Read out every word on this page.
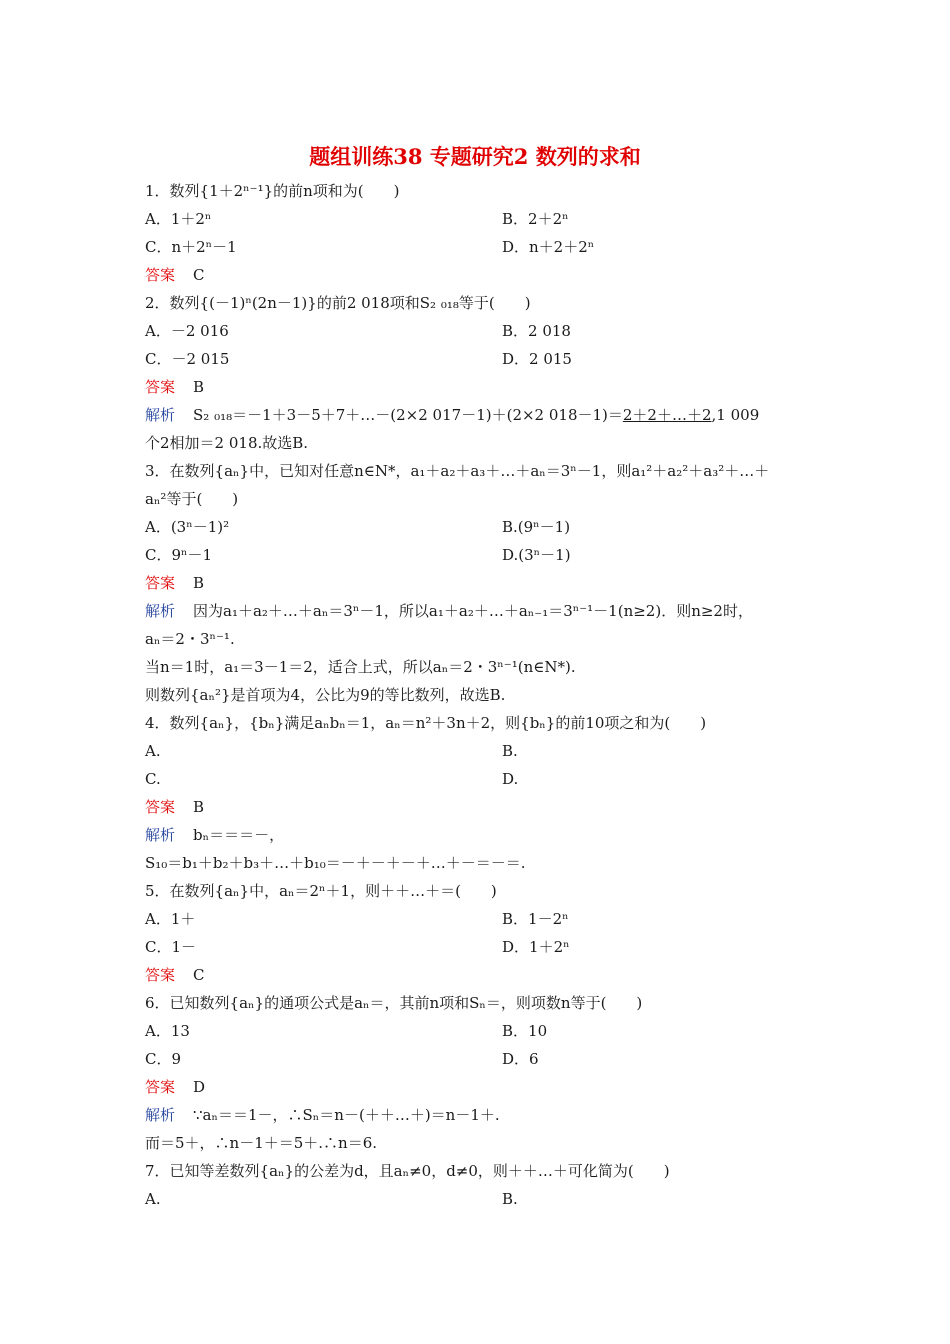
题组训练38 专题研究2 数列的求和
1．数列{1＋2ⁿ⁻¹}的前n项和为(　　)
A．1＋2ⁿ	B．2＋2ⁿ
C．n＋2ⁿ－1	D．n＋2＋2ⁿ
答案 C
2．数列{(－1)ⁿ(2n－1)}的前2 018项和S₂ ₀₁₈等于(　　)
A．－2 016	B．2 018
C．－2 015	D．2 015
答案 B
解析 S₂ ₀₁₈＝－1＋3－5＋7＋…－(2×2 017－1)＋(2×2 018－1)＝2＋2＋…＋2,1 009
个2相加＝2 018.故选B.
3．在数列{aₙ}中，已知对任意n∈N*，a₁＋a₂＋a₃＋…＋aₙ＝3ⁿ－1，则a₁²＋a₂²＋a₃²＋…＋
aₙ²等于(　　)
A．(3ⁿ－1)²	B.(9ⁿ－1)
C．9ⁿ－1	D.(3ⁿ－1)
答案 B
解析 因为a₁＋a₂＋…＋aₙ＝3ⁿ－1，所以a₁＋a₂＋…＋aₙ₋₁＝3ⁿ⁻¹－1(n≥2)．则n≥2时，
aₙ＝2・3ⁿ⁻¹.
当n＝1时，a₁＝3－1＝2，适合上式，所以aₙ＝2・3ⁿ⁻¹(n∈N*).
则数列{aₙ²}是首项为4，公比为9的等比数列，故选B.
4．数列{aₙ}，{bₙ}满足aₙbₙ＝1，aₙ＝n²＋3n＋2，则{bₙ}的前10项之和为(　　)
A.	B.
C.	D.
答案 B
解析 bₙ＝＝＝－，
S₁₀＝b₁＋b₂＋b₃＋…＋b₁₀＝－＋－＋－＋…＋－＝－＝.
5．在数列{aₙ}中，aₙ＝2ⁿ＋1，则＋＋…＋＝(　　)
A．1＋	B．1－2ⁿ
C．1－	D．1＋2ⁿ
答案 C
6．已知数列{aₙ}的通项公式是aₙ＝，其前n项和Sₙ＝，则项数n等于(　　)
A．13	B．10
C．9	D．6
答案 D
解析 ∵aₙ＝＝1－，∴Sₙ＝n－(＋＋…＋)＝n－1＋.
而＝5＋，∴n－1＋＝5＋.∴n＝6.
7．已知等差数列{aₙ}的公差为d，且aₙ≠0，d≠0，则＋＋…＋可化简为(　　)
A.	B.
